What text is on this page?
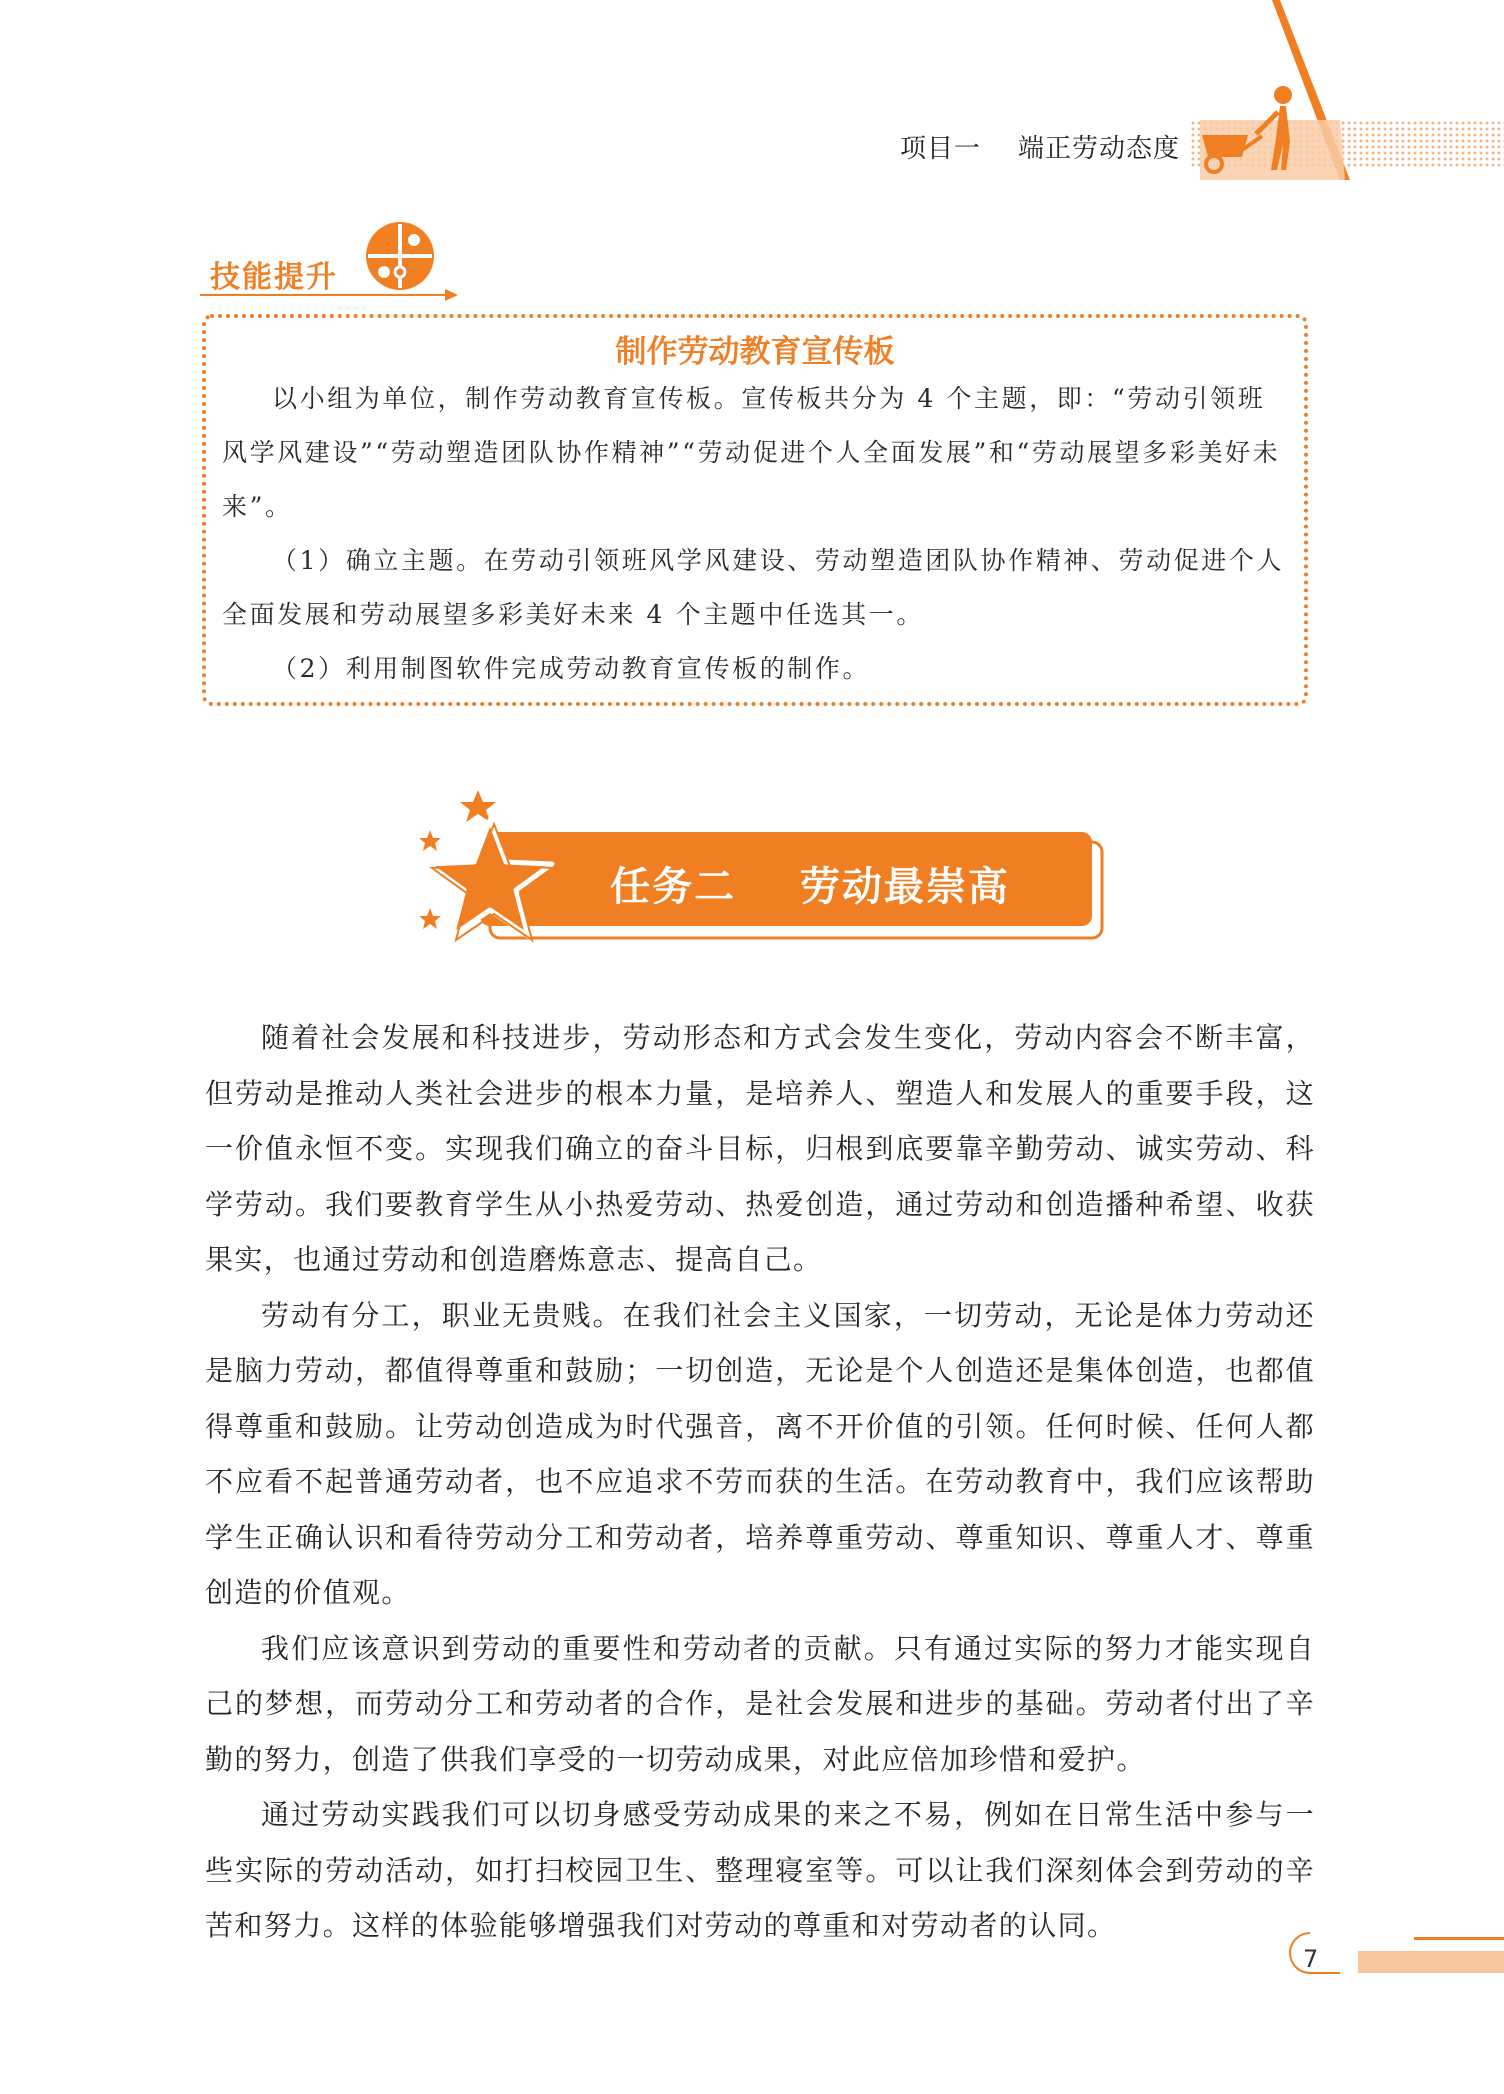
项目一    端正劳动态度
技能提升
制作劳动教育宣传板

以小组为单位，制作劳动教育宣传板。宣传板共分为 4 个主题，即：“劳动引领班风学风建设”“劳动塑造团队协作精神”“劳动促进个人全面发展”和“劳动展望多彩美好未来”。

（1）确立主题。在劳动引领班风学风建设、劳动塑造团队协作精神、劳动促进个人全面发展和劳动展望多彩美好未来 4 个主题中任选其一。

（2）利用制图软件完成劳动教育宣传板的制作。

任务二    劳动最崇高

随着社会发展和科技进步，劳动形态和方式会发生变化，劳动内容会不断丰富，但劳动是推动人类社会进步的根本力量，是培养人、塑造人和发展人的重要手段，这一价值永恒不变。实现我们确立的奋斗目标，归根到底要靠辛勤劳动、诚实劳动、科学劳动。我们要教育学生从小热爱劳动、热爱创造，通过劳动和创造播种希望、收获果实，也通过劳动和创造磨炼意志、提高自己。

劳动有分工，职业无贵贱。在我们社会主义国家，一切劳动，无论是体力劳动还是脑力劳动，都值得尊重和鼓励；一切创造，无论是个人创造还是集体创造，也都值得尊重和鼓励。让劳动创造成为时代强音，离不开价值的引领。任何时候、任何人都不应看不起普通劳动者，也不应追求不劳而获的生活。在劳动教育中，我们应该帮助学生正确认识和看待劳动分工和劳动者，培养尊重劳动、尊重知识、尊重人才、尊重创造的价值观。

我们应该意识到劳动的重要性和劳动者的贡献。只有通过实际的努力才能实现自己的梦想，而劳动分工和劳动者的合作，是社会发展和进步的基础。劳动者付出了辛勤的努力，创造了供我们享受的一切劳动成果，对此应倍加珍惜和爱护。

通过劳动实践我们可以切身感受劳动成果的来之不易，例如在日常生活中参与一些实际的劳动活动，如打扫校园卫生、整理寝室等。可以让我们深刻体会到劳动的辛苦和努力。这样的体验能够增强我们对劳动的尊重和对劳动者的认同。

7
